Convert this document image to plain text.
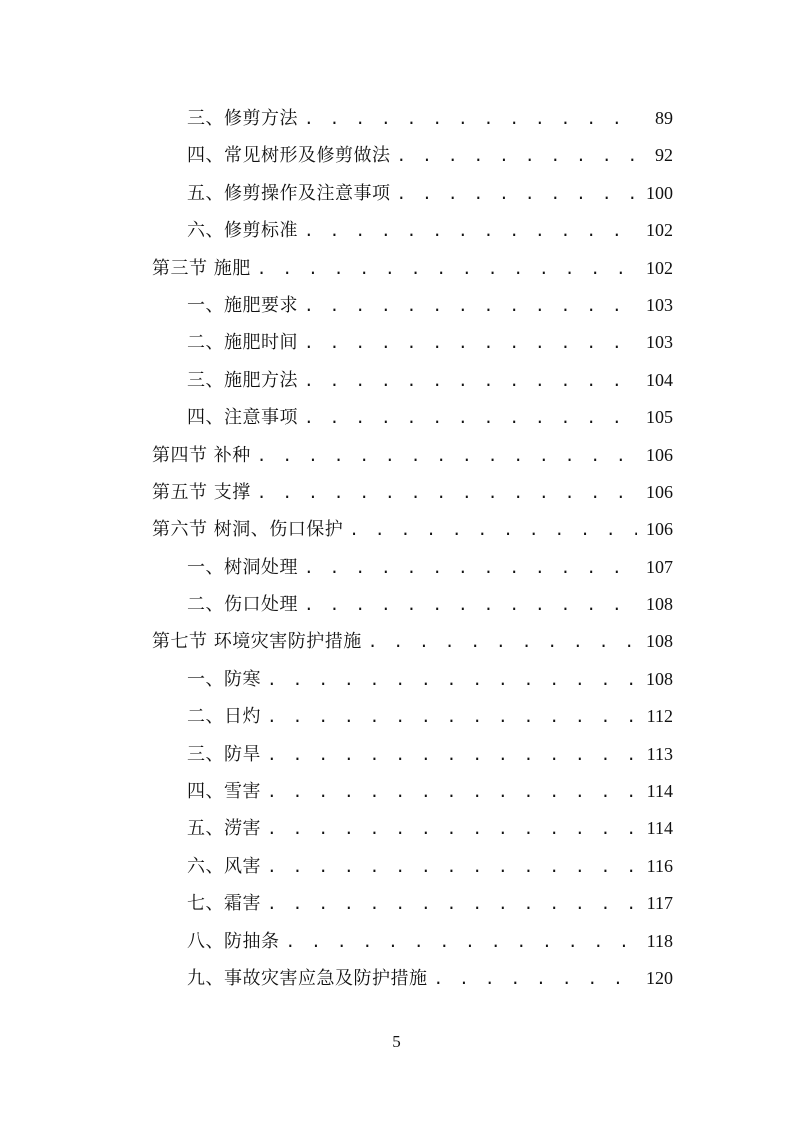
三、修剪方法 . . .	89
四、常见树形及修剪做法 . . .	92
五、修剪操作及注意事项 . . .	100
六、修剪标准 . . .	102
第三节 施肥 . . .	102
一、施肥要求 . . .	103
二、施肥时间 . . .	103
三、施肥方法 . . .	104
四、注意事项 . . .	105
第四节 补种 . . .	106
第五节 支撑 . . .	106
第六节 树洞、伤口保护 . . .	106
一、树洞处理 . . .	107
二、伤口处理 . . .	108
第七节 环境灾害防护措施 . . .	108
一、防寒 . . .	108
二、日灼 . . .	112
三、防旱 . . .	113
四、雪害 . . .	114
五、涝害 . . .	114
六、风害 . . .	116
七、霜害 . . .	117
八、防抽条 . . .	118
九、事故灾害应急及防护措施 . . .	120
5
